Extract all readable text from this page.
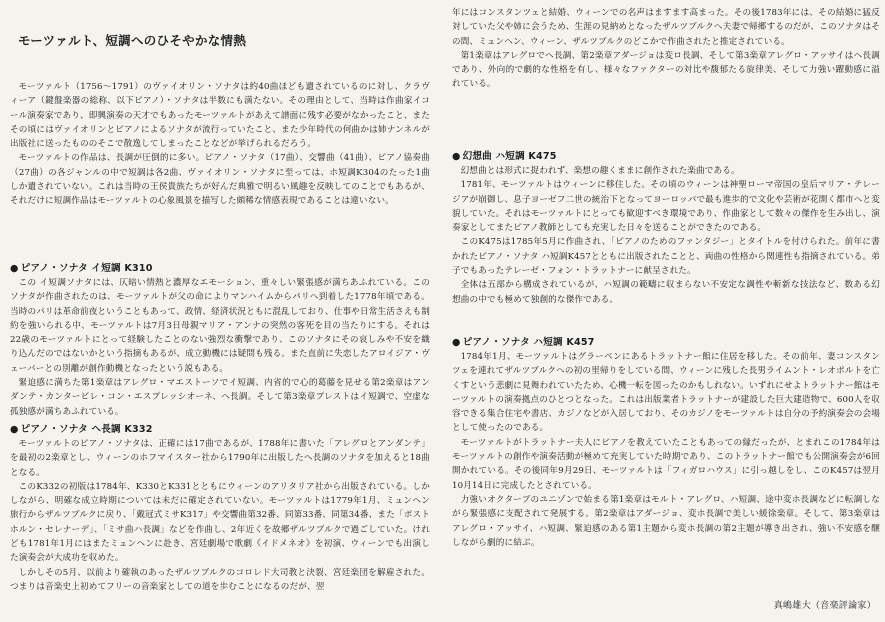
モーツァルト、短調へのひそやかな情熱

モーツァルト（1756～1791）のヴァイオリン・ソナタは約40曲ほども遺されているのに対し、クラヴィーア（鍵盤楽器の総称、以下ピアノ）・ソナタは半数にも満たない。その理由として、当時は作曲家イコール演奏家であり、即興演奏の天才でもあったモーツァルトがあえて譜面に残す必要がなかったこと、またその頃にはヴァイオリンとピアノによるソナタが流行っていたこと、また少年時代の何曲かは姉ナンネルが出版社に送ったもののそこで散逸してしまったことなどが挙げられるだろう。

モーツァルトの作品は、長調が圧倒的に多い。ピアノ・ソナタ（17曲）、交響曲（41曲）、ピアノ協奏曲（27曲）の各ジャンルの中で短調は各2曲、ヴァイオリン・ソナタに至っては、ホ短調K304のたった1曲しか遺されていない。これは当時の王侯貴族たちが好んだ典雅で明るい風趣を反映してのことでもあるが、それだけに短調作品はモーツァルトの心象風景を描写した頗稀な情感表現であることは違いない。

● ピアノ・ソナタ イ短調 K310

この イ短調ソナタには、仄暗い情熱と濃厚なエモーション、重々しい緊張感が満ちあふれている。このソナタが作曲されたのは、モーツァルトが父の命によりマンハイムからパリへ到着した1778年頃である。当時のパリは革命前夜ということもあって、政情、経済状況ともに混乱しており、仕事や日常生活さえも制約を強いられる中、モーツァルトは7月3日母親マリア・アンナの突然の客死を目の当たりにする。それは22歳のモーツァルトにとって経験したことのない強烈な衝撃であり、このソナタにその哀しみや不安を織り込んだのではないかという指摘もあるが、成立動機には疑問も残る。また直前に失恋したアロイジア・ヴェーバーとの別離が創作動機となったという説もある。

緊迫感に満ちた第1楽章はアレグロ・マエストーソでイ短調、内省的で心的葛藤を見せる第2楽章はアンダンテ・カンタービレ・コン・エスプレッシオーネ、ヘ長調。そして第3楽章プレストはイ短調で、空虚な孤独感が満ちあふれている。

● ピアノ・ソナタ ヘ長調 K332

モーツァルトのピアノ・ソナタは、正確には17曲であるが、1788年に書いた「アレグロとアンダンテ」を最初の2楽章とし、ウィーンのホフマイスター社から1790年に出版したヘ長調のソナタを加えると18曲となる。

このK332の初版は1784年、K330とK331とともにウィーンのアリタリア社から出版されている。しかしながら、明確な成立時期については未だに確定されていない。モーツァルトは1779年1月、ミュンヘン旅行からザルツブルクに戻り、「戴冠式ミサK317」や交響曲第32番、同第33番、同第34番、また「ポストホルン・セレナーデ」、「ミサ曲ハ長調」などを作曲し、2年近くを故郷ザルツブルクで過ごしていた。けれども1781年1月にはまたミュンヘンに赴き、宮廷劇場で歌劇《イドメネオ》を初演、ウィーンでも出演した演奏会が大成功を収めた。

しかしその5月、以前より確執のあったザルツブルクのコロレド大司教と決裂、宮廷楽団を解雇された。つまりは音楽史上初めてフリーの音楽家としての道を歩むことになるのだが、翌

年にはコンスタンツェと結婚、ウィーンでの名声はますます高まった。その後1783年には、その結婚に猛反対していた父や姉に会うため、生涯の見納めとなったザルツブルクへ夫妻で帰郷するのだが、このソナタはその間、ミュンヘン、ウィーン、ザルツブルクのどこかで作曲されたと推定されている。

第1楽章はアレグロでヘ長調、第2楽章アダージョは変ロ長調、そして第3楽章アレグロ・アッサイはヘ長調であり、外向的で劇的な性格を有し、様々なファクターの対比や馥郁たる旋律美、そして力強い躍動感に溢れている。

● 幻想曲 ハ短調 K475

幻想曲とは形式に捉われず、楽想の趣くままに創作された楽曲である。

1781年、モーツァルトはウィーンに移住した。その頃のウィーンは神聖ローマ帝国の皇后マリア・テレージアが崩御し、息子ヨーゼフ二世の統治下となってヨーロッパで最も進歩的で文化や芸術が花開く都市へと変貌していた。それはモーツァルトにとっても歓迎すべき環境であり、作曲家として数々の傑作を生み出し、演奏家としてまたピアノ教師としても充実した日々を送ることができたのである。

このK475は1785年5月に作曲され、「ピアノのためのファンタジー」とタイトルを付けられた。前年に書かれたピアノ・ソナタ ハ短調K457とともに出版されたことと、両曲の性格から関連性も指摘されている。弟子でもあったテレーゼ・フォン・トラットナーに献呈された。

全体は五部から構成されているが、ハ短調の範疇に収まらない不安定な調性や斬新な技法など、数ある幻想曲の中でも極めて独創的な傑作である。

● ピアノ・ソナタ ハ短調 K457

1784年1月、モーツァルトはグラーベンにあるトラットナー館に住居を移した。その前年、妻コンスタンツェを連れてザルツブルクへの初の里帰りをしている間、ウィーンに残した長男ライムント・レオポルトを亡くすという悲劇に見舞われていたため、心機一転を図ったのかもしれない。いずれにせよトラットナー館はモーツァルトの演奏拠点のひとつとなった。これは出版業者トラットナーが建設した巨大建造物で、600人を収容できる集合住宅や書店、カジノなどが入居しており、そのカジノをモーツァルトは自分の予約演奏会の会場として使ったのである。

モーツァルトがトラットナー夫人にピアノを教えていたこともあっての縁だったが、とまれこの1784年はモーツァルトの創作や演奏活動が極めて充実していた時期であり、このトラットナー館でも公開演奏会が6回開かれている。その後同年9月29日、モーツァルトは「フィガロハウス」に引っ越しをし、このK457は翌月10月14日に完成したとされている。

力強いオクターブのユニゾンで始まる第1楽章はモルト・アレグロ、ハ短調、途中変ホ長調などに転調しながら緊張感に支配されて発展する。第2楽章はアダージョ、変ホ長調で美しい緩徐楽章。そして、第3楽章はアレグロ・アッサイ、ハ短調、緊迫感のある第1主題から変ホ長調の第2主題が導き出され、強い不安感を醸しながら劇的に結ぶ。

真嶋雄大（音楽評論家）
